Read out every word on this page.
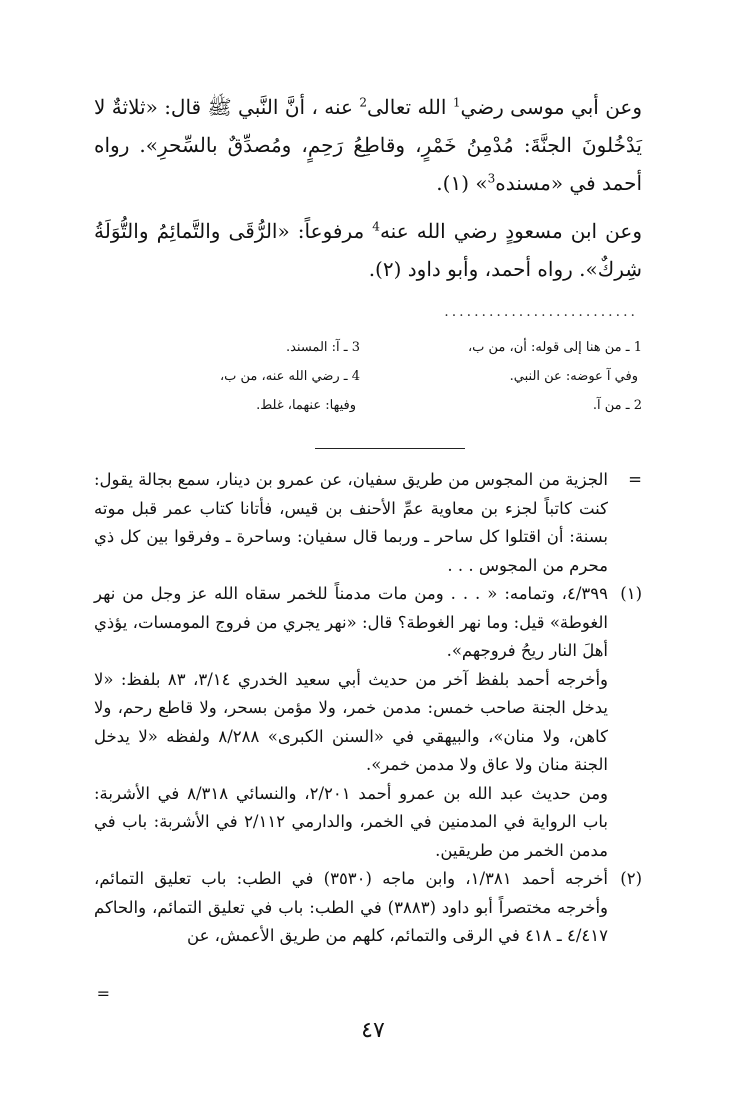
وعن أبي موسى رضي$^1$ الله تعالى$^2$ عنه ، أنَّ النَّبي ﷺ قال: «ثلاثةٌ لا يَدْخُلونَ الجنَّةَ: مُدْمِنُ خَمْرٍ، وقاطِعُ رَحِمٍ، ومُصدِّقٌ بالسِّحرِ». رواه أحمد في «مسنده$^3$» (١).

وعن ابن مسعودٍ رضي الله عنه$^4$ مرفوعاً: «الرُّقَى والتَّمائِمُ والتُّوَلَةُ شِركٌ». رواه أحمد، وأبو داود (٢).

..........................
1 ـ من هنا إلى قوله: أن، من ب،
وفي آ عوضه: عن النبي.
2 ـ من آ.
3 ـ آ: المسند.
4 ـ رضي الله عنه، من ب،
وفيها: عنهما، غلط.
=

الجزية من المجوس من طريق سفيان، عن عمرو بن دينار، سمع بجالة يقول: كنت كاتباً لجزء بن معاوية عمِّ الأحنف بن قيس، فأتانا كتاب عمر قبل موته بسنة: أن اقتلوا كل ساحر ـ وربما قال سفيان: وساحرة ـ وفرقوا بين كل ذي محرم من المجوس . . .

(١)

٤/٣٩٩، وتمامه: « . . . ومن مات مدمناً للخمر سقاه الله عز وجل من نهر الغوطة» قيل: وما نهر الغوطة؟ قال: «نهر يجري من فروج المومسات، يؤذي أهلَ النار ريحُ فروجهم».

وأخرجه أحمد بلفظ آخر من حديث أبي سعيد الخدري ٣/١٤، ٨٣ بلفظ: «لا يدخل الجنة صاحب خمس: مدمن خمر، ولا مؤمن بسحر، ولا قاطع رحم، ولا كاهن، ولا منان»، والبيهقي في «السنن الكبرى» ٨/٢٨٨ ولفظه «لا يدخل الجنة منان ولا عاق ولا مدمن خمر».

ومن حديث عبد الله بن عمرو أحمد ٢/٢٠١، والنسائي ٨/٣١٨ في الأشربة: باب الرواية في المدمنين في الخمر، والدارمي ٢/١١٢ في الأشربة: باب في مدمن الخمر من طريقين.

(٢)

أخرجه أحمد ١/٣٨١، وابن ماجه (٣٥٣٠) في الطب: باب تعليق التمائم، وأخرجه مختصراً أبو داود (٣٨٨٣) في الطب: باب في تعليق التمائم، والحاكم ٤/٤١٧ ـ ٤١٨ في الرقى والتمائم، كلهم من طريق الأعمش، عن

=
٤٧
